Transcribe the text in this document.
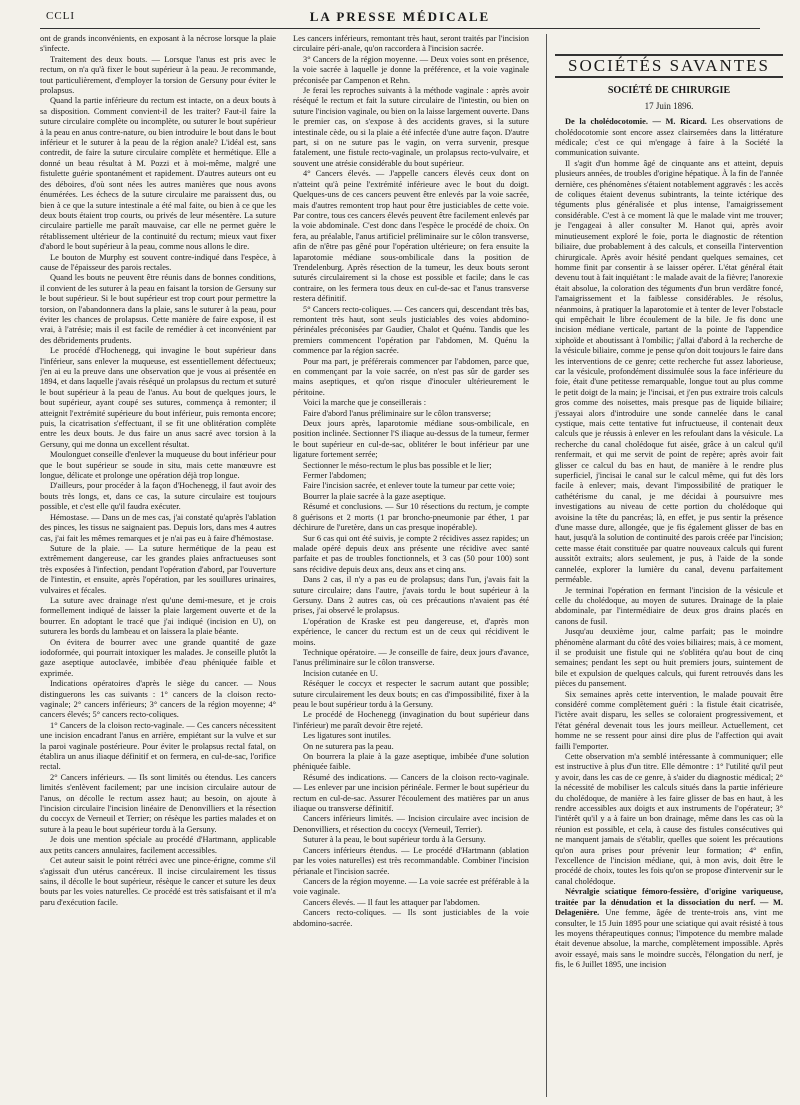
CCLI	LA PRESSE MÉDICALE

ont de grands inconvénients, en exposant à la nécrose lorsque la plaie s'infecte.

Traitement des deux bouts. — Lorsque l'anus est pris avec le rectum, on n'a qu'à fixer le bout supérieur à la peau. Je recommande, tout particulièrement, d'employer la torsion de Gersuny pour éviter le prolapsus.

Quand la partie inférieure du rectum est intacte, on a deux bouts à sa disposition. Comment convient-il de les traiter? Faut-il faire la suture circulaire complète ou incomplète, ou suturer le bout supérieur à la peau en anus contre-nature, ou bien introduire le bout dans le bout inférieur et le suturer à la peau de la région anale? L'idéal est, sans contredit, de faire la suture circulaire complète et hermétique. Elle a donné un beau résultat à M. Pozzi et à moi-même, malgré une fistulette guérie spontanément et rapidement. D'autres auteurs ont eu des déboires, d'où sont nées les autres manières que nous avons énumérées. Les échecs de la suture circulaire me paraissent dus, ou bien à ce que la suture intestinale a été mal faite, ou bien à ce que les deux bouts étaient trop courts, ou privés de leur mésentère. La suture circulaire partielle me paraît mauvaise, car elle ne permet guère le rétablissement ultérieur de la continuité du rectum; mieux vaut fixer d'abord le bout supérieur à la peau, comme nous allons le dire.

Le bouton de Murphy est souvent contre-indiqué dans l'espèce, à cause de l'épaisseur des parois rectales.

Quand les bouts ne peuvent être réunis dans de bonnes conditions, il convient de les suturer à la peau en faisant la torsion de Gersuny sur le bout supérieur. Si le bout supérieur est trop court pour permettre la torsion, on l'abandonnera dans la plaie, sans le suturer à la peau, pour éviter les chances de prolapsus. Cette manière de faire expose, il est vrai, à l'atrésie; mais il est facile de remédier à cet inconvénient par des débridements prudents.

Le procédé d'Hochenegg, qui invagine le bout supérieur dans l'inférieur, sans enlever la muqueuse, est essentiellement défectueux; j'en ai eu la preuve dans une observation que je vous ai présentée en 1894, et dans laquelle j'avais réséqué un prolapsus du rectum et suturé le bout supérieur à la peau de l'anus. Au bout de quelques jours, le bout supérieur, ayant coupé ses sutures, commença à remonter; il atteignit l'extrémité supérieure du bout inférieur, puis remonta encore; puis, la cicatrisation s'effectuant, il se fit une oblitération complète entre les deux bouts. Je dus faire un anus sacré avec torsion à la Gersuny, qui me donna un excellent résultat.

Moulonguet conseille d'enlever la muqueuse du bout inférieur pour que le bout supérieur se soude in situ, mais cette manœuvre est longue, délicate et prolonge une opération déjà trop longue.

D'ailleurs, pour procéder à la façon d'Hochenegg, il faut avoir des bouts très longs, et, dans ce cas, la suture circulaire est toujours possible, et c'est elle qu'il faudra exécuter.

Hémostase. — Dans un de mes cas, j'ai constaté qu'après l'ablation des pinces, les tissus ne saignaient pas. Depuis lors, dans mes 4 autres cas, j'ai fait les mêmes remarques et je n'ai pas eu à faire d'hémostase.

Suture de la plaie. — La suture hermétique de la peau est extrêmement dangereuse, car les grandes plaies anfractueuses sont très exposées à l'infection, pendant l'opération d'abord, par l'ouverture de l'intestin, et ensuite, après l'opération, par les souillures urinaires, vulvaires et fécales.

La suture avec drainage n'est qu'une demi-mesure, et je crois formellement indiqué de laisser la plaie largement ouverte et de la bourrer. En adoptant le tracé que j'ai indiqué (incision en U), on suturera les bords du lambeau et on laissera la plaie béante.

On évitera de bourrer avec une grande quantité de gaze iodoformée, qui pourrait intoxiquer les malades. Je conseille plutôt la gaze aseptique autoclavée, imbibée d'eau phéniquée faible et exprimée.

Indications opératoires d'après le siège du cancer. — Nous distinguerons les cas suivants : 1° cancers de la cloison recto-vaginale; 2° cancers inférieurs; 3° cancers de la région moyenne; 4° cancers élevés; 5° cancers recto-coliques.

1° Cancers de la cloison recto-vaginale. — Ces cancers nécessitent une incision encadrant l'anus en arrière, empiétant sur la vulve et sur la paroi vaginale postérieure. Pour éviter le prolapsus rectal fatal, on établira un anus iliaque définitif et on fermera, en cul-de-sac, l'orifice rectal.

2° Cancers inférieurs. — Ils sont limités ou étendus. Les cancers limités s'enlèvent facilement; par une incision circulaire autour de l'anus, on décolle le rectum assez haut; au besoin, on ajoute à l'incision circulaire l'incision linéaire de Denonvilliers et la résection du coccyx de Verneuil et Terrier; on résèque les parties malades et on suture à la peau le bout supérieur tordu à la Gersuny.

Je dois une mention spéciale au procédé d'Hartmann, applicable aux petits cancers annulaires, facilement accessibles.

Cet auteur saisit le point rétréci avec une pince-érigne, comme s'il s'agissait d'un utérus cancéreux. Il incise circulairement les tissus sains, il décolle le bout supérieur, résèque le cancer et suture les deux bouts par les voies naturelles. Ce procédé est très satisfaisant et il m'a paru d'exécution facile.

Les cancers inférieurs, remontant très haut, seront traités par l'incision circulaire péri-anale, qu'on raccordera à l'incision sacrée.

3° Cancers de la région moyenne. — Deux voies sont en présence, la voie sacrée à laquelle je donne la préférence, et la voie vaginale préconisée par Campenon et Rehn.

Je ferai les reproches suivants à la méthode vaginale : après avoir réséqué le rectum et fait la suture circulaire de l'intestin, ou bien on suture l'incision vaginale, ou bien on la laisse largement ouverte. Dans le premier cas, on s'expose à des accidents graves, si la suture intestinale cède, ou si la plaie a été infectée d'une autre façon. D'autre part, si on ne suture pas le vagin, on verra survenir, presque fatalement, une fistule recto-vaginale, un prolapsus recto-vulvaire, et souvent une atrésie considérable du bout supérieur.

4° Cancers élevés. — J'appelle cancers élevés ceux dont on n'atteint qu'à peine l'extrémité inférieure avec le bout du doigt. Quelques-uns de ces cancers peuvent être enlevés par la voie sacrée, mais d'autres remontent trop haut pour être justiciables de cette voie. Par contre, tous ces cancers élevés peuvent être facilement enlevés par la voie abdominale. C'est donc dans l'espèce le procédé de choix. On fera, au préalable, l'anus artificiel préliminaire sur le côlon transverse, afin de n'être pas gêné pour l'opération ultérieure; on fera ensuite la laparotomie médiane sous-ombilicale dans la position de Trendelenburg. Après résection de la tumeur, les deux bouts seront suturés circulairement si la chose est possible et facile; dans le cas contraire, on les fermera tous deux en cul-de-sac et l'anus transverse restera définitif.

5° Cancers recto-coliques. — Ces cancers qui, descendant très bas, remontent très haut, sont seuls justiciables des voies abdomino-périnéales préconisées par Gaudier, Chalot et Quénu. Tandis que les premiers commencent l'opération par l'abdomen, M. Quénu la commence par la région sacrée.

Pour ma part, je préférerais commencer par l'abdomen, parce que, en commençant par la voie sacrée, on n'est pas sûr de garder ses mains aseptiques, et qu'on risque d'inoculer ultérieurement le péritoine.

Voici la marche que je conseillerais :

Faire d'abord l'anus préliminaire sur le côlon transverse;

Deux jours après, laparotomie médiane sous-ombilicale, en position inclinée. Sectionner l'S iliaque au-dessus de la tumeur, fermer le bout supérieur en cul-de-sac, oblitérer le bout inférieur par une ligature fortement serrée;

Sectionner le méso-rectum le plus bas possible et le lier;

Fermer l'abdomen;

Faire l'incision sacrée, et enlever toute la tumeur par cette voie;

Bourrer la plaie sacrée à la gaze aseptique.

Résumé et conclusions. — Sur 10 résections du rectum, je compte 8 guérisons et 2 morts (1 par broncho-pneumonie par éther, 1 par déchirure de l'uretère, dans un cas presque inopérable).

Sur 6 cas qui ont été suivis, je compte 2 récidives assez rapides; un malade opéré depuis deux ans présente une récidive avec santé parfaite et pas de troubles fonctionnels, et 3 cas (50 pour 100) sont sans récidive depuis deux ans, deux ans et cinq ans.

Dans 2 cas, il n'y a pas eu de prolapsus; dans l'un, j'avais fait la suture circulaire; dans l'autre, j'avais tordu le bout supérieur à la Gersuny. Dans 2 autres cas, où ces précautions n'avaient pas été prises, j'ai observé le prolapsus.

L'opération de Kraske est peu dangereuse, et, d'après mon expérience, le cancer du rectum est un de ceux qui récidivent le moins.

Technique opératoire. — Je conseille de faire, deux jours d'avance, l'anus préliminaire sur le côlon transverse.

Incision cutanée en U.

Réséquer le coccyx et respecter le sacrum autant que possible; suture circulairement les deux bouts; en cas d'impossibilité, fixer à la peau le bout supérieur tordu à la Gersuny.

Le procédé de Hochenegg (invagination du bout supérieur dans l'inférieur) me paraît devoir être rejeté.

Les ligatures sont inutiles.

On ne suturera pas la peau.

On bourrera la plaie à la gaze aseptique, imbibée d'une solution phéniquée faible.

Résumé des indications. — Cancers de la cloison recto-vaginale. — Les enlever par une incision périnéale. Fermer le bout supérieur du rectum en cul-de-sac. Assurer l'écoulement des matières par un anus iliaque ou transverse définitif.

Cancers inférieurs limités. — Incision circulaire avec incision de Denonvilliers, et résection du coccyx (Verneuil, Terrier).

Suturer à la peau, le bout supérieur tordu à la Gersuny.

Cancers inférieurs étendus. — Le procédé d'Hartmann (ablation par les voies naturelles) est très recommandable. Combiner l'incision périanale et l'incision sacrée.

Cancers de la région moyenne. — La voie sacrée est préférable à la voie vaginale.

Cancers élevés. — Il faut les attaquer par l'abdomen.

Cancers recto-coliques. — Ils sont justiciables de la voie abdomino-sacrée.

SOCIÉTÉS SAVANTES
SOCIÉTÉ DE CHIRURGIE
17 Juin 1896.

De la cholédocotomie. — M. Ricard. Les observations de cholédocotomie sont encore assez clairsemées dans la littérature médicale; c'est ce qui m'engage à faire à la Société la communication suivante.

Il s'agit d'un homme âgé de cinquante ans et atteint, depuis plusieurs années, de troubles d'origine hépatique. À la fin de l'année dernière, ces phénomènes s'étaient notablement aggravés : les accès de coliques étaient devenus subintrants, la teinte ictérique des téguments plus généralisée et plus intense, l'amaigrissement considérable. C'est à ce moment là que le malade vint me trouver; je l'engageai à aller consulter M. Hanot qui, après avoir minutieusement exploré le foie, porta le diagnostic de rétention biliaire, due probablement à des calculs, et conseilla l'intervention chirurgicale. Après avoir hésité pendant quelques semaines, cet homme finit par consentir à se laisser opérer. L'état général était devenu tout à fait inquiétant : le malade avait de la fièvre; l'anorexie était absolue, la coloration des téguments d'un brun verdâtre foncé, l'amaigrissement et la faiblesse considérables. Je résolus, néanmoins, à pratiquer la laparotomie et à tenter de lever l'obstacle qui empêchait le libre écoulement de la bile. Je fis donc une incision médiane verticale, partant de la pointe de l'appendice xiphoïde et aboutissant à l'ombilic; j'allai d'abord à la recherche de la vésicule biliaire, comme je pense qu'on doit toujours le faire dans les interventions de ce genre; cette recherche fut assez laborieuse, car la vésicule, profondément dissimulée sous la face inférieure du foie, était d'une petitesse remarquable, longue tout au plus comme le petit doigt de la main; je l'incisai, et j'en pus extraire trois calculs gros comme des noisettes, mais presque pas de liquide biliaire; j'essayai alors d'introduire une sonde cannelée dans le canal cystique, mais cette tentative fut infructueuse, il contenait deux calculs que je réussis à enlever en les refoulant dans la vésicule. La recherche du canal cholédoque fut aisée, grâce à un calcul qu'il renfermait, et qui me servit de point de repère; après avoir fait glisser ce calcul du bas en haut, de manière à le rendre plus superficiel, j'incisai le canal sur le calcul même, qui fut dès lors facile à enlever; mais, devant l'impossibilité de pratiquer le cathétérisme du canal, je me décidai à poursuivre mes investigations au niveau de cette portion du cholédoque qui avoisine la tête du pancréas; là, en effet, je pus sentir la présence d'une masse dure, allongée, que je fis également glisser de bas en haut, jusqu'à la solution de continuité des parois créée par l'incision; cette masse était constituée par quatre nouveaux calculs qui furent aussitôt extraits; alors seulement, je pus, à l'aide de la sonde cannelée, explorer la lumière du canal, devenu parfaitement perméable.

Je terminai l'opération en fermant l'incision de la vésicule et celle du cholédoque, au moyen de sutures. Drainage de la plaie abdominale, par l'intermédiaire de deux gros drains placés en canons de fusil.

Jusqu'au deuxième jour, calme parfait; pas le moindre phénomène alarmant du côté des voies biliaires; mais, à ce moment, il se produisit une fistule qui ne s'oblitéra qu'au bout de cinq semaines; pendant les sept ou huit premiers jours, suintement de bile et expulsion de quelques calculs, qui furent retrouvés dans les pièces du pansement.

Six semaines après cette intervention, le malade pouvait être considéré comme complètement guéri : la fistule était cicatrisée, l'ictère avait disparu, les selles se coloraient progressivement, et l'état général devenait tous les jours meilleur. Actuellement, cet homme ne se ressent pour ainsi dire plus de l'affection qui avait failli l'emporter.

Cette observation m'a semblé intéressante à communiquer; elle est instructive à plus d'un titre. Elle démontre : 1° l'utilité qu'il peut y avoir, dans les cas de ce genre, à s'aider du diagnostic médical; 2° la nécessité de mobiliser les calculs situés dans la partie inférieure du cholédoque, de manière à les faire glisser de bas en haut, à les rendre accessibles aux doigts et aux instruments de l'opérateur; 3° l'intérêt qu'il y a à faire un bon drainage, même dans les cas où la réunion est possible, et cela, à cause des fistules consécutives qui ne manquent jamais de s'établir, quelles que soient les précautions qu'on aura prises pour prévenir leur formation; 4° enfin, l'excellence de l'incision médiane, qui, à mon avis, doit être le procédé de choix, toutes les fois qu'on se propose d'intervenir sur le canal cholédoque.

Névralgie sciatique fémoro-fessière, d'origine variqueuse, traitée par la dénudation et la dissociation du nerf. — M. Delagenière. Une femme, âgée de trente-trois ans, vint me consulter, le 15 Juin 1895 pour une sciatique qui avait résisté à tous les moyens thérapeutiques connus; l'impotence du membre malade était devenue absolue, la marche, complètement impossible. Après avoir essayé, mais sans le moindre succès, l'élongation du nerf, je fis, le 6 Juillet 1895, une incision
